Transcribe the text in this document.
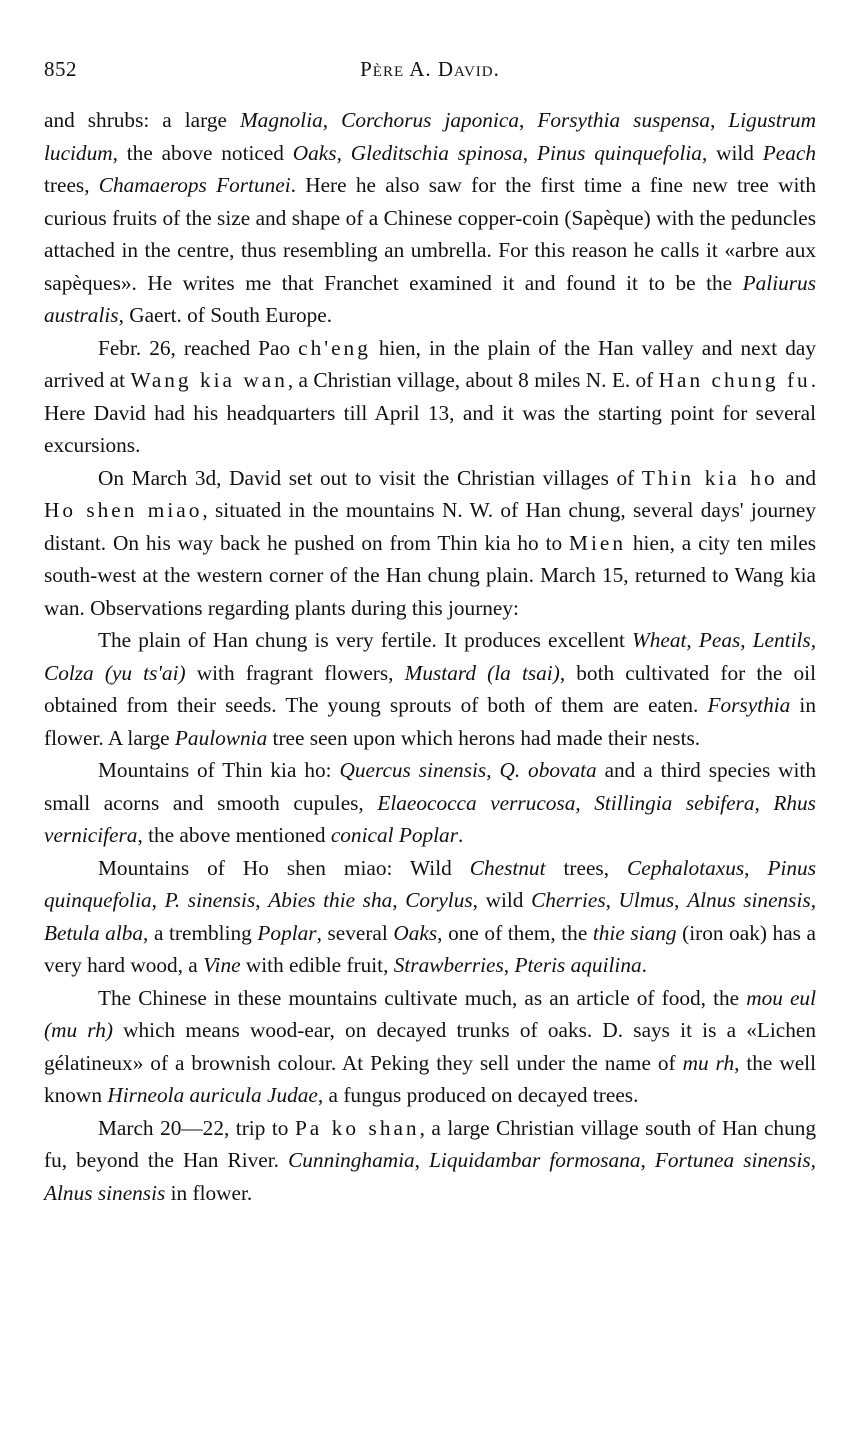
852	Père A. David.

and shrubs: a large Magnolia, Corchorus japonica, Forsythia suspensa, Ligustrum lucidum, the above noticed Oaks, Gleditschia spinosa, Pinus quinquefolia, wild Peach trees, Chamaerops Fortunei. Here he also saw for the first time a fine new tree with curious fruits of the size and shape of a Chinese copper-coin (Sapèque) with the peduncles attached in the centre, thus resembling an umbrella. For this reason he calls it «arbre aux sapèques». He writes me that Franchet examined it and found it to be the Paliurus australis, Gaert. of South Europe.

Febr. 26, reached Pao ch'eng hien, in the plain of the Han valley and next day arrived at Wang kia wan, a Christian village, about 8 miles N. E. of Han chung fu. Here David had his headquarters till April 13, and it was the starting point for several excursions.

On March 3d, David set out to visit the Christian villages of Thin kia ho and Ho shen miao, situated in the mountains N. W. of Han chung, several days' journey distant. On his way back he pushed on from Thin kia ho to Mien hien, a city ten miles south-west at the western corner of the Han chung plain. March 15, returned to Wang kia wan. Observations regarding plants during this journey:

The plain of Han chung is very fertile. It produces excellent Wheat, Peas, Lentils, Colza (yu ts'ai) with fragrant flowers, Mustard (la tsai), both cultivated for the oil obtained from their seeds. The young sprouts of both of them are eaten. Forsythia in flower. A large Paulownia tree seen upon which herons had made their nests.

Mountains of Thin kia ho: Quercus sinensis, Q. obovata and a third species with small acorns and smooth cupules, Elaeococca verrucosa, Stillingia sebifera, Rhus vernicifera, the above mentioned conical Poplar.

Mountains of Ho shen miao: Wild Chestnut trees, Cephalotaxus, Pinus quinquefolia, P. sinensis, Abies thie sha, Corylus, wild Cherries, Ulmus, Alnus sinensis, Betula alba, a trembling Poplar, several Oaks, one of them, the thie siang (iron oak) has a very hard wood, a Vine with edible fruit, Strawberries, Pteris aquilina.

The Chinese in these mountains cultivate much, as an article of food, the mou eul (mu rh) which means wood-ear, on decayed trunks of oaks. D. says it is a «Lichen gélatineux» of a brownish colour. At Peking they sell under the name of mu rh, the well known Hirneola auricula Judae, a fungus produced on decayed trees.

March 20—22, trip to Pa ko shan, a large Christian village south of Han chung fu, beyond the Han River. Cunninghamia, Liquidambar formosana, Fortunea sinensis, Alnus sinensis in flower.
